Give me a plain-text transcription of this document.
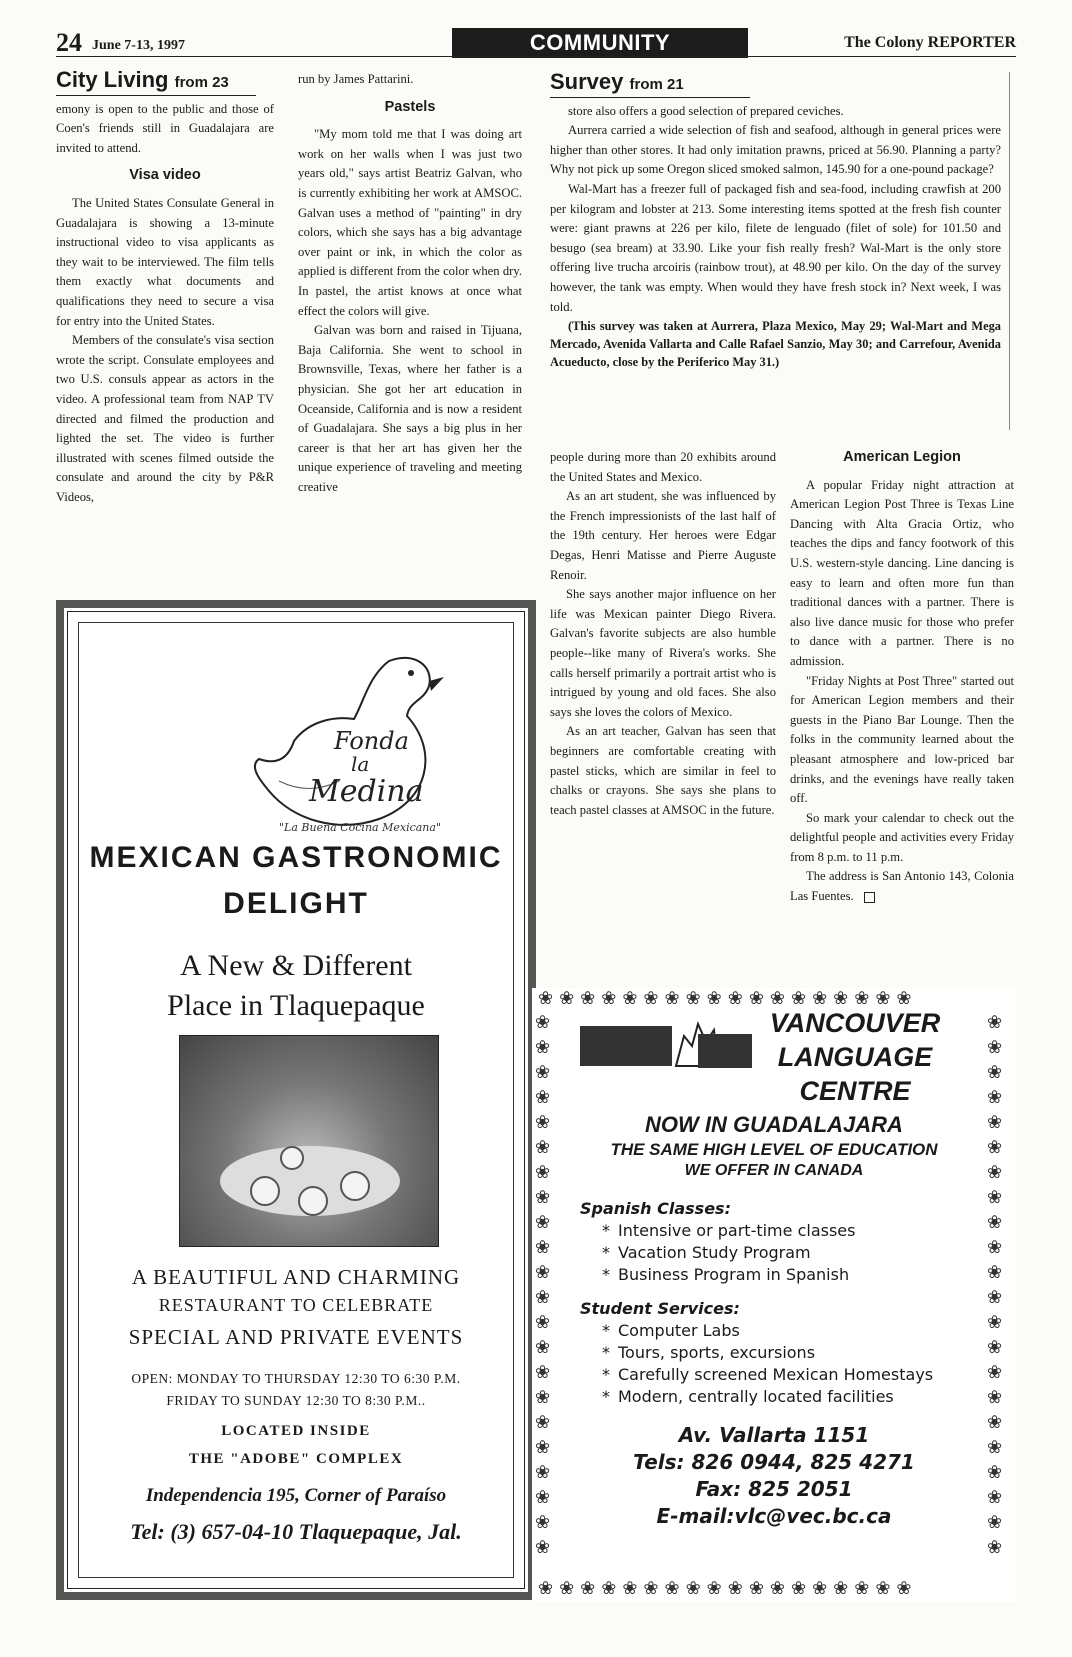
24 June 7-13, 1997	COMMUNITY	The Colony REPORTER
City Living from 23

emony is open to the public and those of Coen's friends still in Guadalajara are invited to attend.

Visa video

The United States Consulate General in Guadalajara is showing a 13-minute instructional video to visa applicants as they wait to be interviewed. The film tells them exactly what documents and qualifications they need to secure a visa for entry into the United States.

Members of the consulate's visa section wrote the script. Consulate employees and two U.S. consuls appear as actors in the video. A professional team from NAP TV directed and filmed the production and lighted the set. The video is further illustrated with scenes filmed outside the consulate and around the city by P&R Videos,

run by James Pattarini.

Pastels

"My mom told me that I was doing art work on her walls when I was just two years old," says artist Beatriz Galvan, who is currently exhibiting her work at AMSOC. Galvan uses a method of "painting" in dry colors, which she says has a big advantage over paint or ink, in which the color as applied is different from the color when dry. In pastel, the artist knows at once what effect the colors will give.

Galvan was born and raised in Tijuana, Baja California. She went to school in Brownsville, Texas, where her father is a physician. She got her art education in Oceanside, California and is now a resident of Guadalajara. She says a big plus in her career is that her art has given her the unique experience of traveling and meeting creative

Survey from 21

store also offers a good selection of prepared ceviches.

Aurrera carried a wide selection of fish and seafood, although in general prices were higher than other stores. It had only imitation prawns, priced at 56.90. Planning a party? Why not pick up some Oregon sliced smoked salmon, 145.90 for a one-pound package?

Wal-Mart has a freezer full of packaged fish and sea-food, including crawfish at 200 per kilogram and lobster at 213. Some interesting items spotted at the fresh fish counter were: giant prawns at 226 per kilo, filete de lenguado (filet of sole) for 101.50 and besugo (sea bream) at 33.90. Like your fish really fresh? Wal-Mart is the only store offering live trucha arcoiris (rainbow trout), at 48.90 per kilo. On the day of the survey however, the tank was empty. When would they have fresh stock in? Next week, I was told.

(This survey was taken at Aurrera, Plaza Mexico, May 29; Wal-Mart and Mega Mercado, Avenida Vallarta and Calle Rafael Sanzio, May 30; and Carrefour, Avenida Acueducto, close by the Periferico May 31.)

people during more than 20 exhibits around the United States and Mexico.

As an art student, she was influenced by the French impressionists of the last half of the 19th century. Her heroes were Edgar Degas, Henri Matisse and Pierre Auguste Renoir.

She says another major influence on her life was Mexican painter Diego Rivera. Galvan's favorite subjects are also humble people--like many of Rivera's works. She calls herself primarily a portrait artist who is intrigued by young and old faces. She also says she loves the colors of Mexico.

As an art teacher, Galvan has seen that beginners are comfortable creating with pastel sticks, which are similar in feel to chalks or crayons. She says she plans to teach pastel classes at AMSOC in the future.

American Legion

A popular Friday night attraction at American Legion Post Three is Texas Line Dancing with Alta Gracia Ortiz, who teaches the dips and fancy footwork of this U.S. western-style dancing. Line dancing is easy to learn and often more fun than traditional dances with a partner. There is also live dance music for those who prefer to dance with a partner. There is no admission.

"Friday Nights at Post Three" started out for American Legion members and their guests in the Piano Bar Lounge. Then the folks in the community learned about the pleasant atmosphere and low-priced bar drinks, and the evenings have really taken off.

So mark your calendar to check out the delightful people and activities every Friday from 8 p.m. to 11 p.m.

The address is San Antonio 143, Colonia Las Fuentes.

Fonda
la
Medina
"La Buena Cocina Mexicana"
MEXICAN GASTRONOMIC
DELIGHT
A New & Different
Place in Tlaquepaque
A BEAUTIFUL AND CHARMING
RESTAURANT TO CELEBRATE
SPECIAL AND PRIVATE EVENTS
OPEN: MONDAY TO THURSDAY 12:30 TO 6:30 P.M.
FRIDAY TO SUNDAY 12:30 TO 8:30 P.M..
LOCATED INSIDE
THE "ADOBE" COMPLEX
Independencia 195, Corner of Paraíso
Tel: (3) 657-04-10 Tlaquepaque, Jal.
❀❀❀❀❀❀❀❀❀❀❀❀❀❀❀❀❀❀
❀❀❀❀❀❀❀❀❀❀❀❀❀❀❀❀❀❀
❀❀❀❀❀❀❀❀❀❀❀❀❀❀❀❀❀❀❀❀❀❀	❀❀❀❀❀❀❀❀❀❀❀❀❀❀❀❀❀❀❀❀❀❀
VANCOUVER
LANGUAGE
CENTRE
NOW IN GUADALAJARA
THE SAME HIGH LEVEL OF EDUCATION
WE OFFER IN CANADA
Spanish Classes:
* Intensive or part-time classes
* Vacation Study Program
* Business Program in Spanish
Student Services:
* Computer Labs
* Tours, sports, excursions
* Carefully screened Mexican Homestays
* Modern, centrally located facilities
Av. Vallarta 1151
Tels: 826 0944, 825 4271
Fax: 825 2051
E-mail:vlc@vec.bc.ca
